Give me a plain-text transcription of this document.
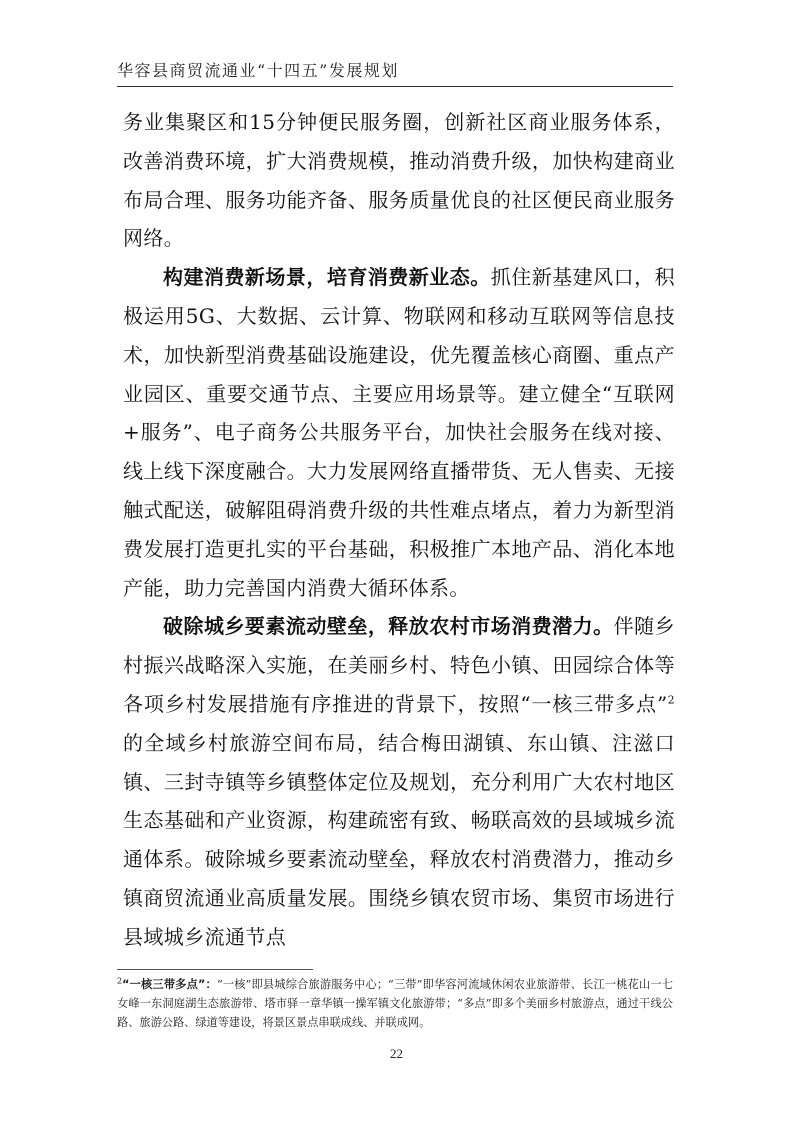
华容县商贸流通业“十四五”发展规划

务业集聚区和15分钟便民服务圈，创新社区商业服务体系，改善消费环境，扩大消费规模，推动消费升级，加快构建商业布局合理、服务功能齐备、服务质量优良的社区便民商业服务网络。

构建消费新场景，培育消费新业态。抓住新基建风口，积极运用5G、大数据、云计算、物联网和移动互联网等信息技术，加快新型消费基础设施建设，优先覆盖核心商圈、重点产业园区、重要交通节点、主要应用场景等。建立健全“互联网+服务”、电子商务公共服务平台，加快社会服务在线对接、线上线下深度融合。大力发展网络直播带货、无人售卖、无接触式配送，破解阻碍消费升级的共性难点堵点，着力为新型消费发展打造更扎实的平台基础，积极推广本地产品、消化本地产能，助力完善国内消费大循环体系。

破除城乡要素流动壁垒，释放农村市场消费潜力。伴随乡村振兴战略深入实施，在美丽乡村、特色小镇、田园综合体等各项乡村发展措施有序推进的背景下，按照“一核三带多点”$^2$的全域乡村旅游空间布局，结合梅田湖镇、东山镇、注滋口镇、三封寺镇等乡镇整体定位及规划，充分利用广大农村地区生态基础和产业资源，构建疏密有致、畅联高效的县域城乡流通体系。破除城乡要素流动壁垒，释放农村消费潜力，推动乡镇商贸流通业高质量发展。围绕乡镇农贸市场、集贸市场进行县域城乡流通节点

$^2$“一核三带多点”：“一核”即县城综合旅游服务中心；“三带”即华容河流域休闲农业旅游带、长江一桃花山一七女峰一东洞庭湖生态旅游带、塔市驿一章华镇一操军镇文化旅游带；“多点”即多个美丽乡村旅游点，通过干线公路、旅游公路、绿道等建设，将景区景点串联成线、并联成网。
22
